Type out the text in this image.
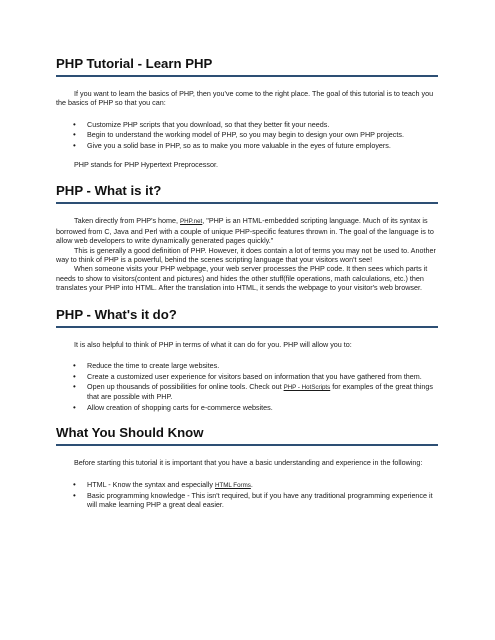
PHP Tutorial - Learn PHP

If you want to learn the basics of PHP, then you've come to the right place. The goal of this tutorial is to teach you the basics of PHP so that you can:

• Customize PHP scripts that you download, so that they better fit your needs.
• Begin to understand the working model of PHP, so you may begin to design your own PHP projects.
• Give you a solid base in PHP, so as to make you more valuable in the eyes of future employers.

PHP stands for PHP Hypertext Preprocessor.

PHP - What is it?

Taken directly from PHP's home, PHP.net, "PHP is an HTML-embedded scripting language. Much of its syntax is borrowed from C, Java and Perl with a couple of unique PHP-specific features thrown in. The goal of the language is to allow web developers to write dynamically generated pages quickly."

This is generally a good definition of PHP. However, it does contain a lot of terms you may not be used to. Another way to think of PHP is a powerful, behind the scenes scripting language that your visitors won't see!

When someone visits your PHP webpage, your web server processes the PHP code. It then sees which parts it needs to show to visitors(content and pictures) and hides the other stuff(file operations, math calculations, etc.) then translates your PHP into HTML. After the translation into HTML, it sends the webpage to your visitor's web browser.

PHP - What's it do?

It is also helpful to think of PHP in terms of what it can do for you. PHP will allow you to:

• Reduce the time to create large websites.
• Create a customized user experience for visitors based on information that you have gathered from them.
• Open up thousands of possibilities for online tools. Check out PHP - HotScripts for examples of the great things that are possible with PHP.
• Allow creation of shopping carts for e-commerce websites.
What You Should Know

Before starting this tutorial it is important that you have a basic understanding and experience in the following:

• HTML - Know the syntax and especially HTML Forms.
• Basic programming knowledge - This isn't required, but if you have any traditional programming experience it will make learning PHP a great deal easier.
